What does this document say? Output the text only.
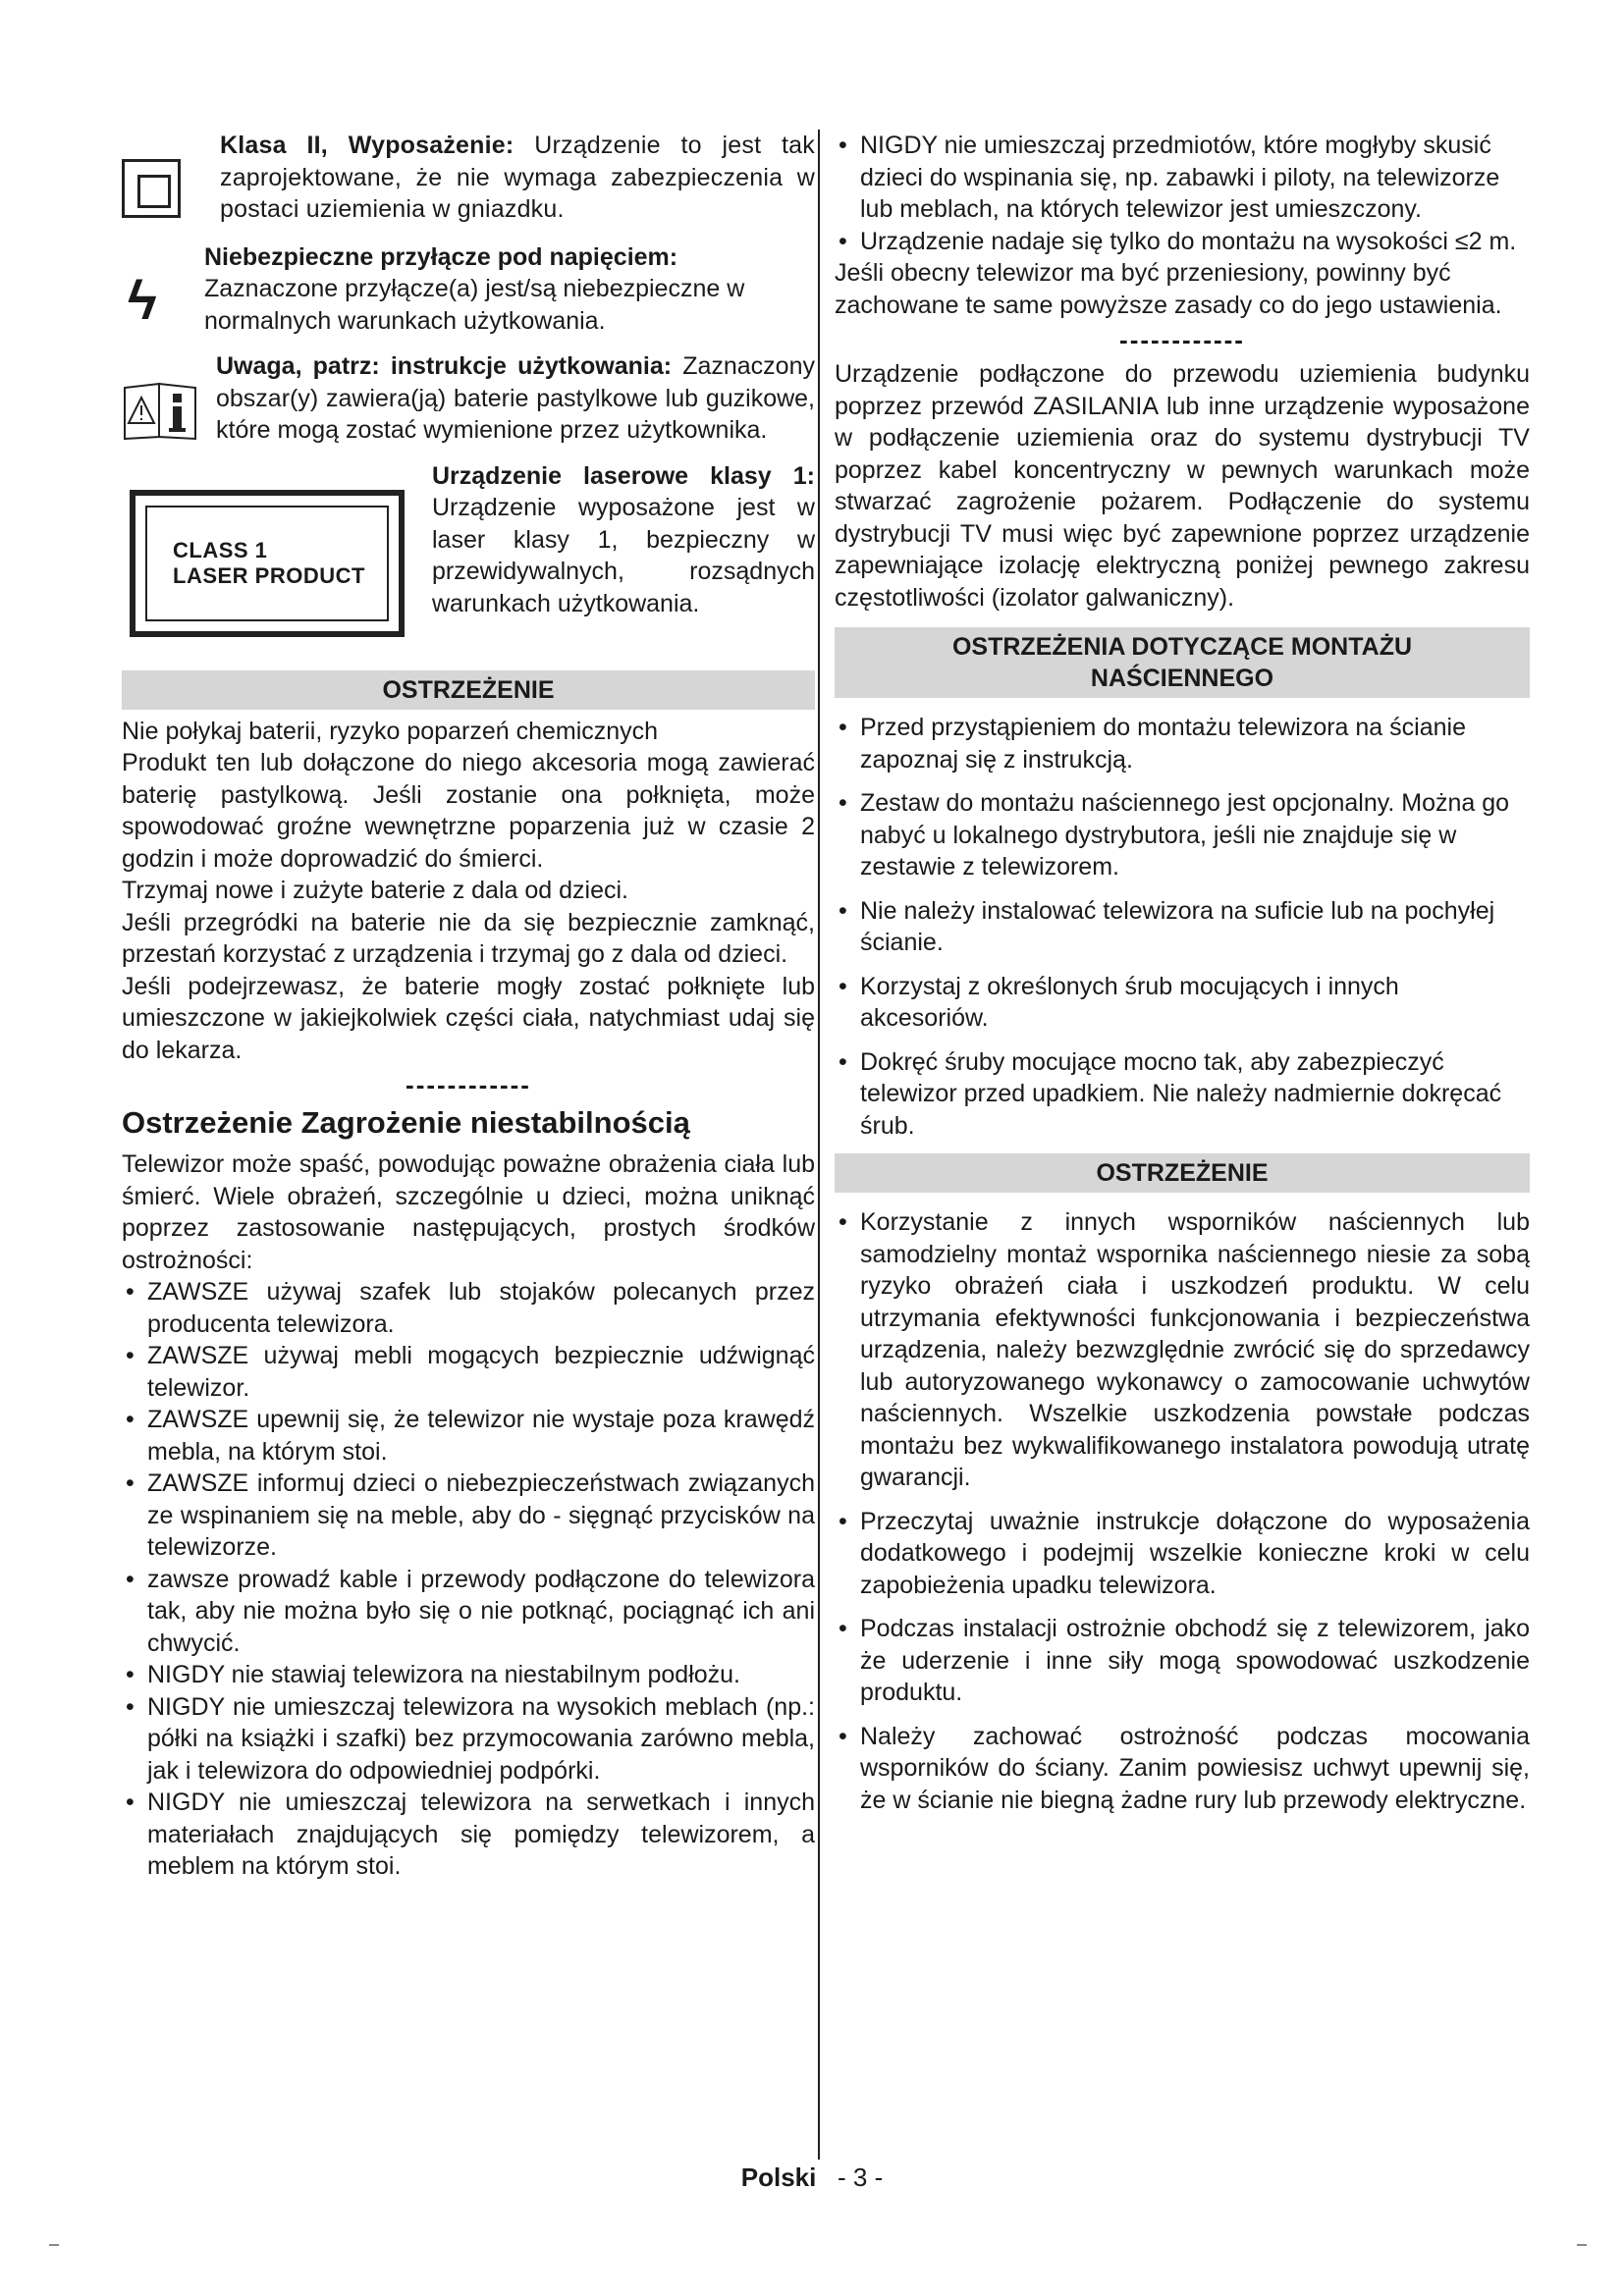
Klasa II, Wyposażenie: Urządzenie to jest tak zaprojektowane, że nie wymaga zabezpieczenia w postaci uziemienia w gniazdku.

ϟ

Niebezpieczne przyłącze pod napięciem: Zaznaczone przyłącze(a) jest/są niebezpieczne w normalnych warunkach użytkowania.

Uwaga, patrz: instrukcje użytkowania: Zaznaczony obszar(y) zawiera(ją) baterie pastylkowe lub guzikowe, które mogą zostać wymienione przez użytkownika.

CLASS 1
LASER PRODUCT

Urządzenie laserowe klasy 1: Urządzenie wyposażone jest w laser klasy 1, bezpieczny w przewidywalnych, rozsądnych warunkach użytkowania.

OSTRZEŻENIE

Nie połykaj baterii, ryzyko poparzeń chemicznych

Produkt ten lub dołączone do niego akcesoria mogą zawierać baterię pastylkową. Jeśli zostanie ona połknięta, może spowodować groźne wewnętrzne poparzenia już w czasie 2 godzin i może doprowadzić do śmierci.

Trzymaj nowe i zużyte baterie z dala od dzieci.

Jeśli przegródki na baterie nie da się bezpiecznie zamknąć, przestań korzystać z urządzenia i trzymaj go z dala od dzieci.

Jeśli podejrzewasz, że baterie mogły zostać połknięte lub umieszczone w jakiejkolwiek części ciała, natychmiast udaj się do lekarza.

------------
Ostrzeżenie Zagrożenie niestabilnością

Telewizor może spaść, powodując poważne obrażenia ciała lub śmierć. Wiele obrażeń, szczególnie u dzieci, można uniknąć poprzez zastosowanie następujących, prostych środków ostrożności:

• ZAWSZE używaj szafek lub stojaków polecanych przez producenta telewizora.
• ZAWSZE używaj mebli mogących bezpiecznie udźwignąć telewizor.
• ZAWSZE upewnij się, że telewizor nie wystaje poza krawędź mebla, na którym stoi.
• ZAWSZE informuj dzieci o niebezpieczeństwach związanych ze wspinaniem się na meble, aby do - sięgnąć przycisków na telewizorze.
• zawsze prowadź kable i przewody podłączone do telewizora tak, aby nie można było się o nie potknąć, pociągnąć ich ani chwycić.
• NIGDY nie stawiaj telewizora na niestabilnym podłożu.
• NIGDY nie umieszczaj telewizora na wysokich meblach (np.: półki na książki i szafki) bez przymocowania zarówno mebla, jak i telewizora do odpowiedniej podpórki.
• NIGDY nie umieszczaj telewizora na serwetkach i innych materiałach znajdujących się pomiędzy telewizorem, a meblem na którym stoi.
• NIGDY nie umieszczaj przedmiotów, które mogłyby skusić dzieci do wspinania się, np. zabawki i piloty, na telewizorze lub meblach, na których telewizor jest umieszczony.
• Urządzenie nadaje się tylko do montażu na wysokości ≤2 m.

Jeśli obecny telewizor ma być przeniesiony, powinny być zachowane te same powyższe zasady co do jego ustawienia.

------------

Urządzenie podłączone do przewodu uziemienia budynku poprzez przewód ZASILANIA lub inne urządzenie wyposażone w podłączenie uziemienia oraz do systemu dystrybucji TV poprzez kabel koncentryczny w pewnych warunkach może stwarzać zagrożenie pożarem. Podłączenie do systemu dystrybucji TV musi więc być zapewnione poprzez urządzenie zapewniające izolację elektryczną poniżej pewnego zakresu częstotliwości (izolator galwaniczny).

OSTRZEŻENIA DOTYCZĄCE MONTAŻU
NAŚCIENNEGO
• Przed przystąpieniem do montażu telewizora na ścianie zapoznaj się z instrukcją.
• Zestaw do montażu naściennego jest opcjonalny. Można go nabyć u lokalnego dystrybutora, jeśli nie znajduje się w zestawie z telewizorem.
• Nie należy instalować telewizora na suficie lub na pochyłej ścianie.
• Korzystaj z określonych śrub mocujących i innych akcesoriów.
• Dokręć śruby mocujące mocno tak, aby zabezpieczyć telewizor przed upadkiem. Nie należy nadmiernie dokręcać śrub.
OSTRZEŻENIE
• Korzystanie z innych wsporników naściennych lub samodzielny montaż wspornika naściennego niesie za sobą ryzyko obrażeń ciała i uszkodzeń produktu. W celu utrzymania efektywności funkcjonowania i bezpieczeństwa urządzenia, należy bezwzględnie zwrócić się do sprzedawcy lub autoryzowanego wykonawcy o zamocowanie uchwytów naściennych. Wszelkie uszkodzenia powstałe podczas montażu bez wykwalifikowanego instalatora powodują utratę gwarancji.
• Przeczytaj uważnie instrukcje dołączone do wyposażenia dodatkowego i podejmij wszelkie konieczne kroki w celu zapobieżenia upadku telewizora.
• Podczas instalacji ostrożnie obchodź się z telewizorem, jako że uderzenie i inne siły mogą spowodować uszkodzenie produktu.
• Należy zachować ostrożność podczas mocowania wsporników do ściany. Zanim powiesisz uchwyt upewnij się, że w ścianie nie biegną żadne rury lub przewody elektryczne.
Polski - 3 -
